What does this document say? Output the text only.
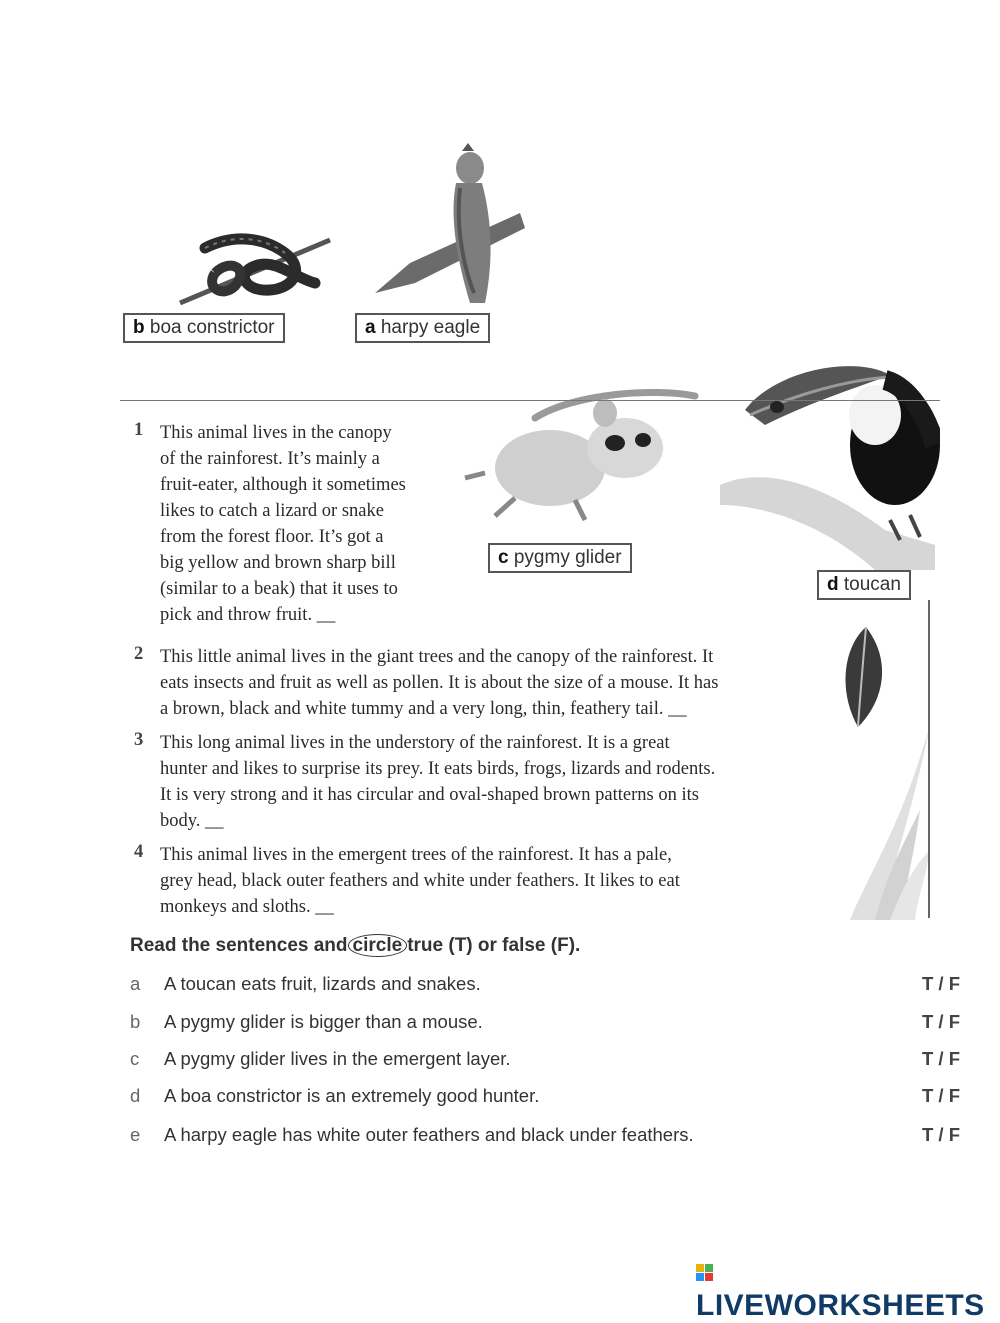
b boa constrictor	a harpy eagle
c pygmy glider
d toucan
1 This animal lives in the canopy
of the rainforest. It’s mainly a
fruit-eater, although it sometimes
likes to catch a lizard or snake
from the forest floor. It’s got a
big yellow and brown sharp bill
(similar to a beak) that it uses to
pick and throw fruit. __
2 This little animal lives in the giant trees and the canopy of the rainforest. It
eats insects and fruit as well as pollen. It is about the size of a mouse. It has
a brown, black and white tummy and a very long, thin, feathery tail. __
3 This long animal lives in the understory of the rainforest. It is a great
hunter and likes to surprise its prey. It eats birds, frogs, lizards and rodents.
It is very strong and it has circular and oval-shaped brown patterns on its
body. __
4 This animal lives in the emergent trees of the rainforest. It has a pale,
grey head, black outer feathers and white under feathers. It likes to eat
monkeys and sloths. __
Read the sentences and circle true (T) or false (F).
a A toucan eats fruit, lizards and snakes.	T / F
b A pygmy glider is bigger than a mouse.	T / F
c A pygmy glider lives in the emergent layer.	T / F
d A boa constrictor is an extremely good hunter.	T / F
e A harpy eagle has white outer feathers and black under feathers.	T / F
LIVEWORKSHEETS
